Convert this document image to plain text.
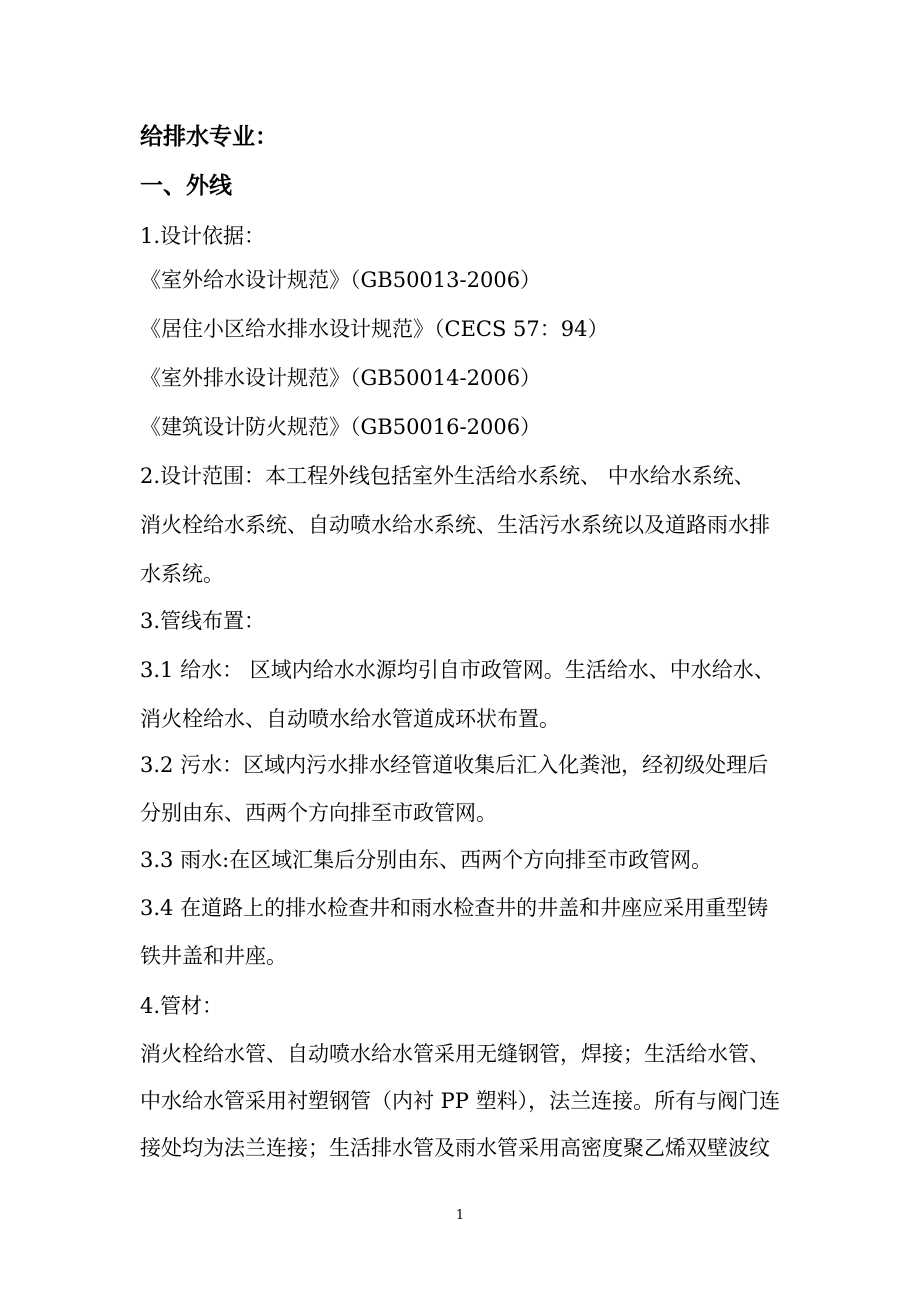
给排水专业：
一、外线
1.设计依据：
《室外给水设计规范》（GB50013-2006）
《居住小区给水排水设计规范》（CECS 57：94）
《室外排水设计规范》（GB50014-2006）
《建筑设计防火规范》（GB50016-2006）
2.设计范围：本工程外线包括室外生活给水系统、 中水给水系统、
消火栓给水系统、自动喷水给水系统、生活污水系统以及道路雨水排
水系统。
3.管线布置：
3.1 给水： 区域内给水水源均引自市政管网。生活给水、中水给水、
消火栓给水、自动喷水给水管道成环状布置。
3.2 污水：区域内污水排水经管道收集后汇入化粪池，经初级处理后
分别由东、西两个方向排至市政管网。
3.3 雨水:在区域汇集后分别由东、西两个方向排至市政管网。
3.4 在道路上的排水检查井和雨水检查井的井盖和井座应采用重型铸
铁井盖和井座。
4.管材：
消火栓给水管、自动喷水给水管采用无缝钢管，焊接；生活给水管、
中水给水管采用衬塑钢管（内衬 PP 塑料），法兰连接。所有与阀门连
接处均为法兰连接；生活排水管及雨水管采用高密度聚乙烯双壁波纹
1
